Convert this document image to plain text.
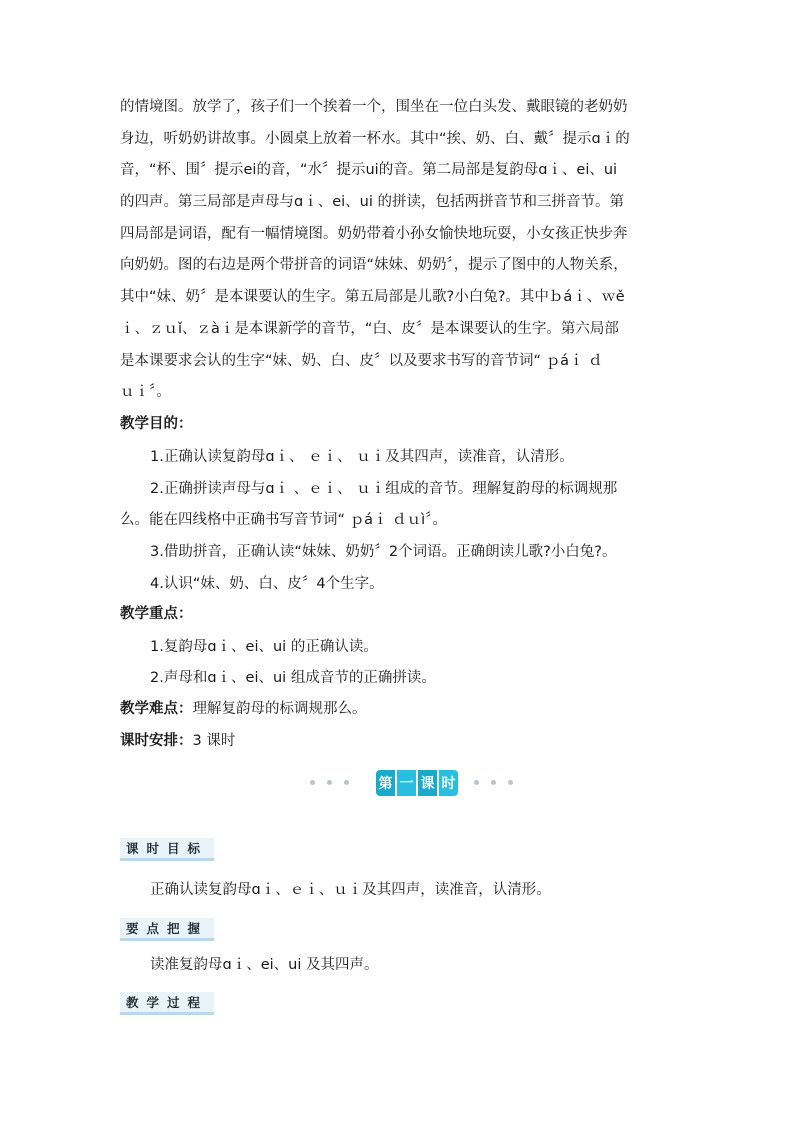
的情境图。放学了，孩子们一个挨着一个，围坐在一位白头发、戴眼镜的老奶奶
身边，听奶奶讲故事。小圆桌上放着一杯水。其中“挨、奶、白、戴〞提示ɑｉ的
音，“杯、围〞提示ei的音，“水〞提示ui的音。第二局部是复韵母ɑｉ、ei、ui
的四声。第三局部是声母与ɑｉ、ei、ui 的拼读，包括两拼音节和三拼音节。第
四局部是词语，配有一幅情境图。奶奶带着小孙女愉快地玩耍，小女孩正快步奔
向奶奶。图的右边是两个带拼音的词语“妹妹、奶奶〞，提示了图中的人物关系，
其中“妹、奶〞是本课要认的生字。第五局部是儿歌?小白兔?。其中ｂáｉ、ｗě
ｉ、ｚｕǐ、ｚàｉ是本课新学的音节，“白、皮〞是本课要认的生字。第六局部
是本课要求会认的生字“妹、奶、白、皮〞以及要求书写的音节词“ ｐáｉ ｄ
ｕｉ〞。
教学目的：
1.正确认读复韵母ɑｉ、 ｅｉ、 ｕｉ及其四声，读准音，认清形。
2.正确拼读声母与ɑｉ 、ｅｉ、 ｕｉ组成的音节。理解复韵母的标调规那
么。能在四线格中正确书写音节词“ ｐáｉ ｄｕì〞。
3.借助拼音，正确认读“妹妹、奶奶〞2个词语。正确朗读儿歌?小白兔?。
4.认识“妹、奶、白、皮〞4个生字。
教学重点：
1.复韵母ɑｉ、ei、ui 的正确认读。
2.声母和ɑｉ、ei、ui 组成音节的正确拼读。
教学难点：理解复韵母的标调规那么。
课时安排：3 课时
第 一 课 时
课时目标
正确认读复韵母ɑｉ、ｅｉ、ｕｉ及其四声，读准音，认清形。
要点把握
读准复韵母ɑｉ、ei、ui 及其四声。
教学过程
